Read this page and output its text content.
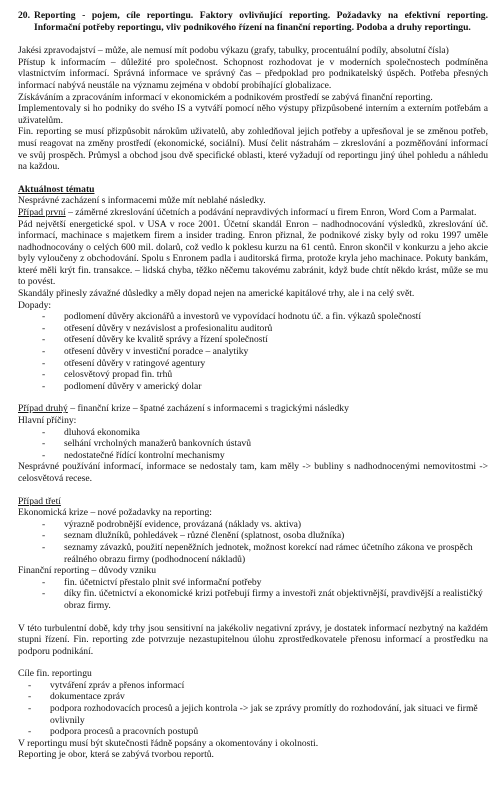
20. Reporting - pojem, cíle reportingu. Faktory ovlivňující reporting. Požadavky na efektivní reporting. Informační potřeby reportingu, vliv podnikového řízení na finanční reporting. Podoba a druhy reportingu.

Jakési zpravodajství – může, ale nemusí mít podobu výkazu (grafy, tabulky, procentuální podíly, absolutní čísla)

Přístup k informacím – důležité pro společnost. Schopnost rozhodovat je v moderních společnostech podmíněna vlastnictvím informací. Správná informace ve správný čas – předpoklad pro podnikatelský úspěch. Potřeba přesných informací nabývá neustále na významu zejména v období probíhající globalizace.

Získáváním a zpracováním informací v ekonomickém a podnikovém prostředí se zabývá finanční reporting.

Implementovaly si ho podniky do svého IS a vytváří pomocí něho výstupy přizpůsobené interním a externím potřebám a uživatelům.

Fin. reporting se musí přizpůsobit nárokům uživatelů, aby zohledňoval jejich potřeby a upřesňoval je se změnou potřeb, musí reagovat na změny prostředí (ekonomické, sociální). Musí čelit nástrahám – zkreslování a pozměňování informací ve svůj prospěch. Průmysl a obchod jsou dvě specifické oblasti, které vyžadují od reportingu jiný úhel pohledu a náhledu na každou.

Aktuálnost tématu

Nesprávné zacházení s informacemi může mít neblahé následky.

Případ první – záměrné zkreslování účetních a podávání nepravdivých informací u firem Enron, Word Com a Parmalat.

Pád největší energetické spol. v USA v roce 2001. Účetní skandál Enron – nadhodnocování výsledků, zkreslování úč. informací, machinace s majetkem firem a insider trading. Enron přiznal, že podnikové zisky byly od roku 1997 uměle nadhodnocovány o celých 600 mil. dolarů, což vedlo k poklesu kurzu na 61 centů. Enron skončil v konkurzu a jeho akcie byly vyloučeny z obchodování. Spolu s Enronem padla i auditorská firma, protože kryla jeho machinace. Pokuty bankám, které měli krýt fin. transakce. – lidská chyba, těžko něčemu takovému zabránit, když bude chtít někdo krást, může se mu to povést.

Skandály přinesly závažné důsledky a měly dopad nejen na americké kapitálové trhy, ale i na celý svět.

Dopady:

- podlomení důvěry akcionářů a investorů ve vypovídací hodnotu úč. a fin. výkazů společností
- otřesení důvěry v nezávislost a profesionalitu auditorů
- otřesení důvěry ke kvalitě správy a řízení společností
- otřesení důvěry v investiční poradce – analytiky
- otřesení důvěry v ratingové agentury
- celosvětový propad fin. trhů
- podlomení důvěry v americký dolar

Případ druhý – finanční krize – špatné zacházení s informacemi s tragickými následky

Hlavní příčiny:

- dluhová ekonomika
- selhání vrcholných manažerů bankovních ústavů
- nedostatečné řídící kontrolní mechanismy

Nesprávné používání informací, informace se nedostaly tam, kam měly -> bubliny s nadhodnocenými nemovitostmi -> celosvětová recese.

Případ třetí

Ekonomická krize – nové požadavky na reporting:

- výrazně podrobnější evidence, provázaná (náklady vs. aktiva)
- seznam dlužníků, pohledávek – různé členění (splatnost, osoba dlužníka)
- seznamy závazků, použití nepeněžních jednotek, možnost korekcí nad rámec účetního zákona ve prospěch reálného obrazu firmy (podhodnocení nákladů)

Finanční reporting – důvody vzniku

- fin. účetnictví přestalo plnit své informační potřeby
- díky fin. účetnictví a ekonomické krizi potřebují firmy a investoři znát objektivnější, pravdivější a realističký obraz firmy.

V této turbulentní době, kdy trhy jsou sensitivní na jakékoliv negativní zprávy, je dostatek informací nezbytný na každém stupni řízení. Fin. reporting zde potvrzuje nezastupitelnou úlohu zprostředkovatele přenosu informací a prostředku na podporu podnikání.

Cíle fin. reportingu

- vytváření zpráv a přenos informací
- dokumentace zpráv
- podpora rozhodovacích procesů a jejich kontrola -> jak se zprávy promítly do rozhodování, jak situaci ve firmě ovlivnily
- podpora procesů a pracovních postupů

V reportingu musí být skutečnosti řádně popsány a okomentovány i okolnosti.

Reporting je obor, která se zabývá tvorbou reportů.
